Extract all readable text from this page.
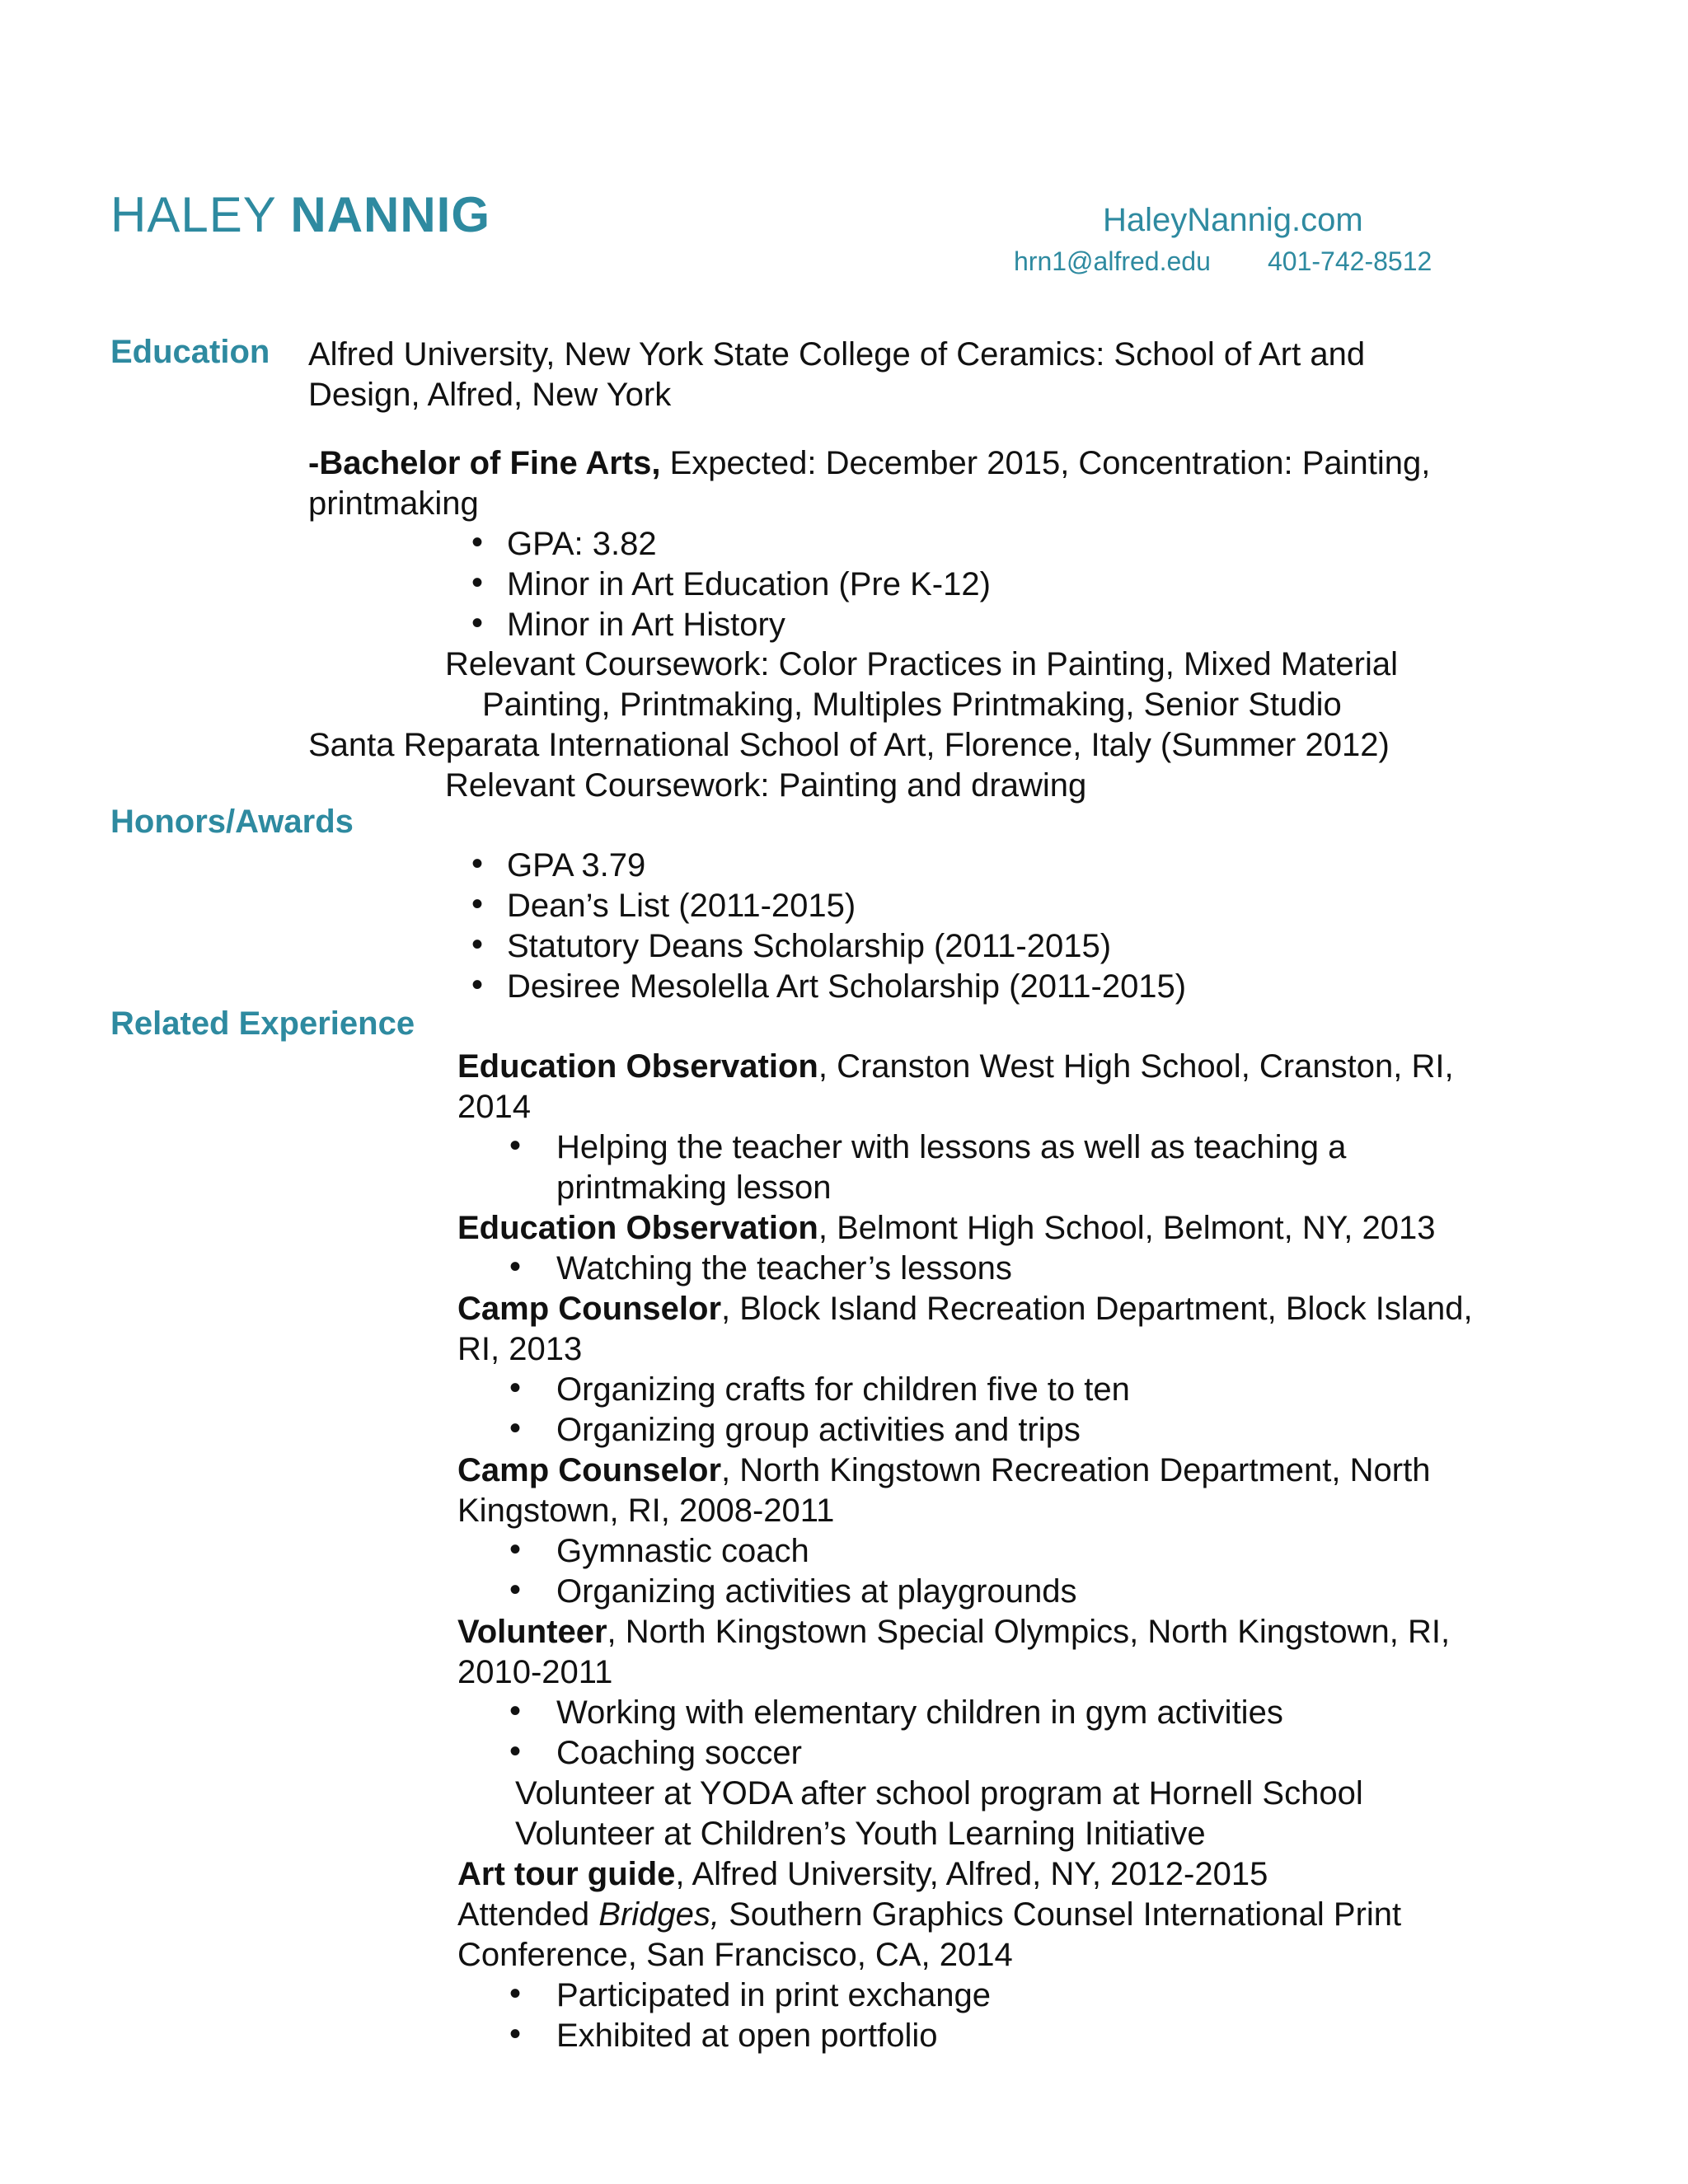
HALEY NANNIG	HaleyNannig.com
hrn1@alfred.edu 401-742-8512
Education
Honors/Awards
Related Experience
Alfred University, New York State College of Ceramics: School of Art and
Design, Alfred, New York
-Bachelor of Fine Arts, Expected: December 2015, Concentration: Painting,
printmaking
• GPA: 3.82
• Minor in Art Education (Pre K-12)
• Minor in Art History
Relevant Coursework: Color Practices in Painting, Mixed Material
Painting, Printmaking, Multiples Printmaking, Senior Studio
Santa Reparata International School of Art, Florence, Italy (Summer 2012)
Relevant Coursework: Painting and drawing
• GPA 3.79
• Dean’s List (2011-2015)
• Statutory Deans Scholarship (2011-2015)
• Desiree Mesolella Art Scholarship (2011-2015)
Education Observation, Cranston West High School, Cranston, RI,
2014
• Helping the teacher with lessons as well as teaching a
printmaking lesson
Education Observation, Belmont High School, Belmont, NY, 2013
• Watching the teacher’s lessons
Camp Counselor, Block Island Recreation Department, Block Island,
RI, 2013
• Organizing crafts for children five to ten
• Organizing group activities and trips
Camp Counselor, North Kingstown Recreation Department, North
Kingstown, RI, 2008-2011
• Gymnastic coach
• Organizing activities at playgrounds
Volunteer, North Kingstown Special Olympics, North Kingstown, RI,
2010-2011
• Working with elementary children in gym activities
• Coaching soccer
Volunteer at YODA after school program at Hornell School
Volunteer at Children’s Youth Learning Initiative
Art tour guide, Alfred University, Alfred, NY, 2012-2015
Attended Bridges, Southern Graphics Counsel International Print
Conference, San Francisco, CA, 2014
• Participated in print exchange
• Exhibited at open portfolio
